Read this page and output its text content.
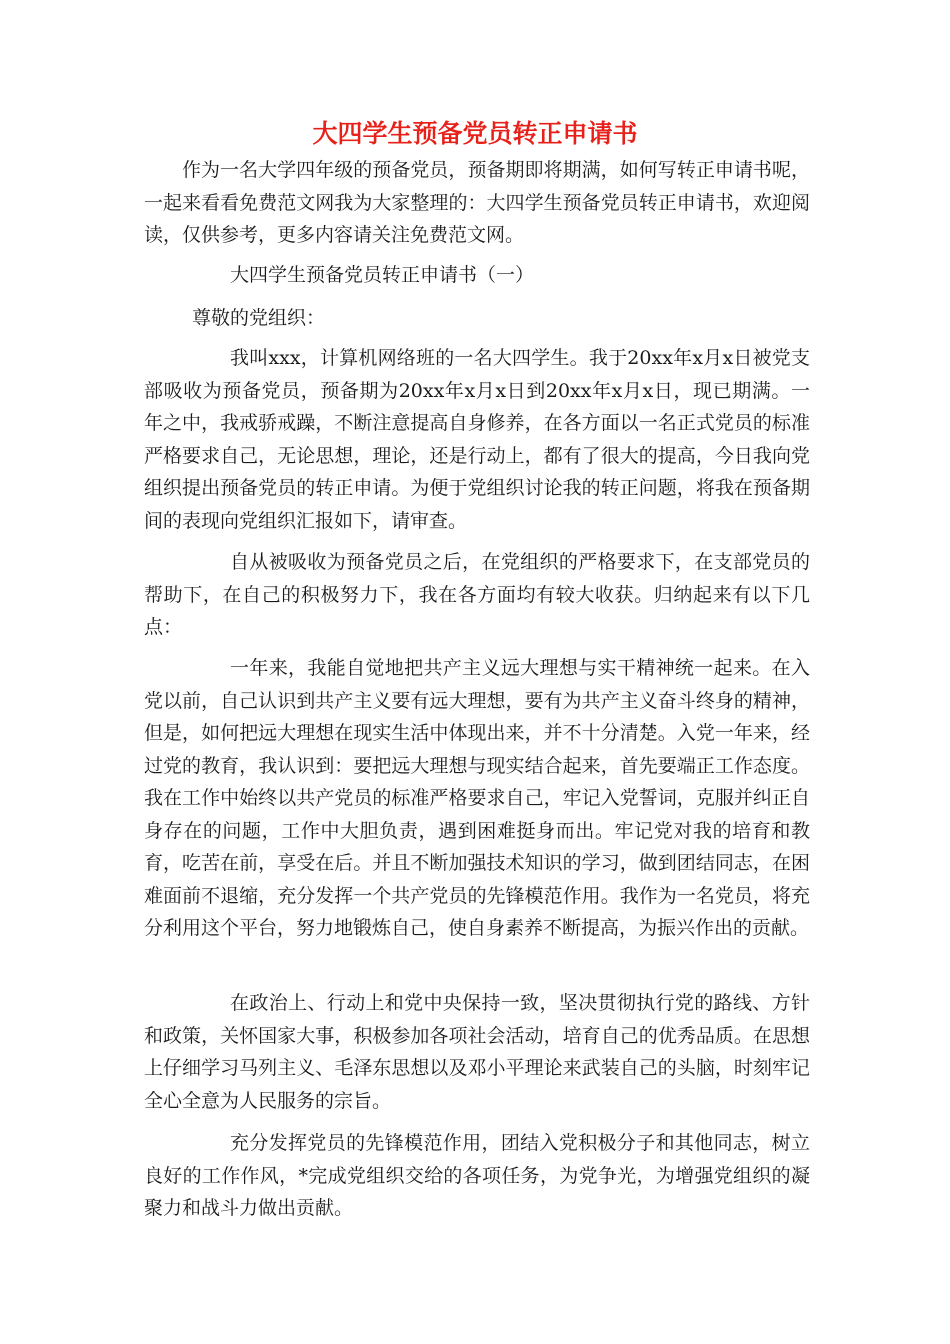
大四学生预备党员转正申请书

作为一名大学四年级的预备党员，预备期即将期满，如何写转正申请书呢，一起来看看免费范文网我为大家整理的：大四学生预备党员转正申请书，欢迎阅读，仅供参考，更多内容请关注免费范文网。

大四学生预备党员转正申请书（一）

尊敬的党组织：

我叫xxx，计算机网络班的一名大四学生。我于20xx年x月x日被党支部吸收为预备党员，预备期为20xx年x月x日到20xx年x月x日，现已期满。一年之中，我戒骄戒躁，不断注意提高自身修养，在各方面以一名正式党员的标准严格要求自己，无论思想，理论，还是行动上，都有了很大的提高，今日我向党组织提出预备党员的转正申请。为便于党组织讨论我的转正问题，将我在预备期间的表现向党组织汇报如下，请审查。

自从被吸收为预备党员之后，在党组织的严格要求下，在支部党员的帮助下，在自己的积极努力下，我在各方面均有较大收获。归纳起来有以下几点：

一年来，我能自觉地把共产主义远大理想与实干精神统一起来。在入党以前，自己认识到共产主义要有远大理想，要有为共产主义奋斗终身的精神，但是，如何把远大理想在现实生活中体现出来，并不十分清楚。入党一年来，经过党的教育，我认识到：要把远大理想与现实结合起来，首先要端正工作态度。我在工作中始终以共产党员的标准严格要求自己，牢记入党誓词，克服并纠正自身存在的问题，工作中大胆负责，遇到困难挺身而出。牢记党对我的培育和教育，吃苦在前，享受在后。并且不断加强技术知识的学习，做到团结同志，在困难面前不退缩，充分发挥一个共产党员的先锋模范作用。我作为一名党员，将充分利用这个平台，努力地锻炼自己，使自身素养不断提高，为振兴作出的贡献。

在政治上、行动上和党中央保持一致，坚决贯彻执行党的路线、方针和政策，关怀国家大事，积极参加各项社会活动，培育自己的优秀品质。在思想上仔细学习马列主义、毛泽东思想以及邓小平理论来武装自己的头脑，时刻牢记全心全意为人民服务的宗旨。

充分发挥党员的先锋模范作用，团结入党积极分子和其他同志，树立良好的工作作风，*完成党组织交给的各项任务，为党争光，为增强党组织的凝聚力和战斗力做出贡献。
